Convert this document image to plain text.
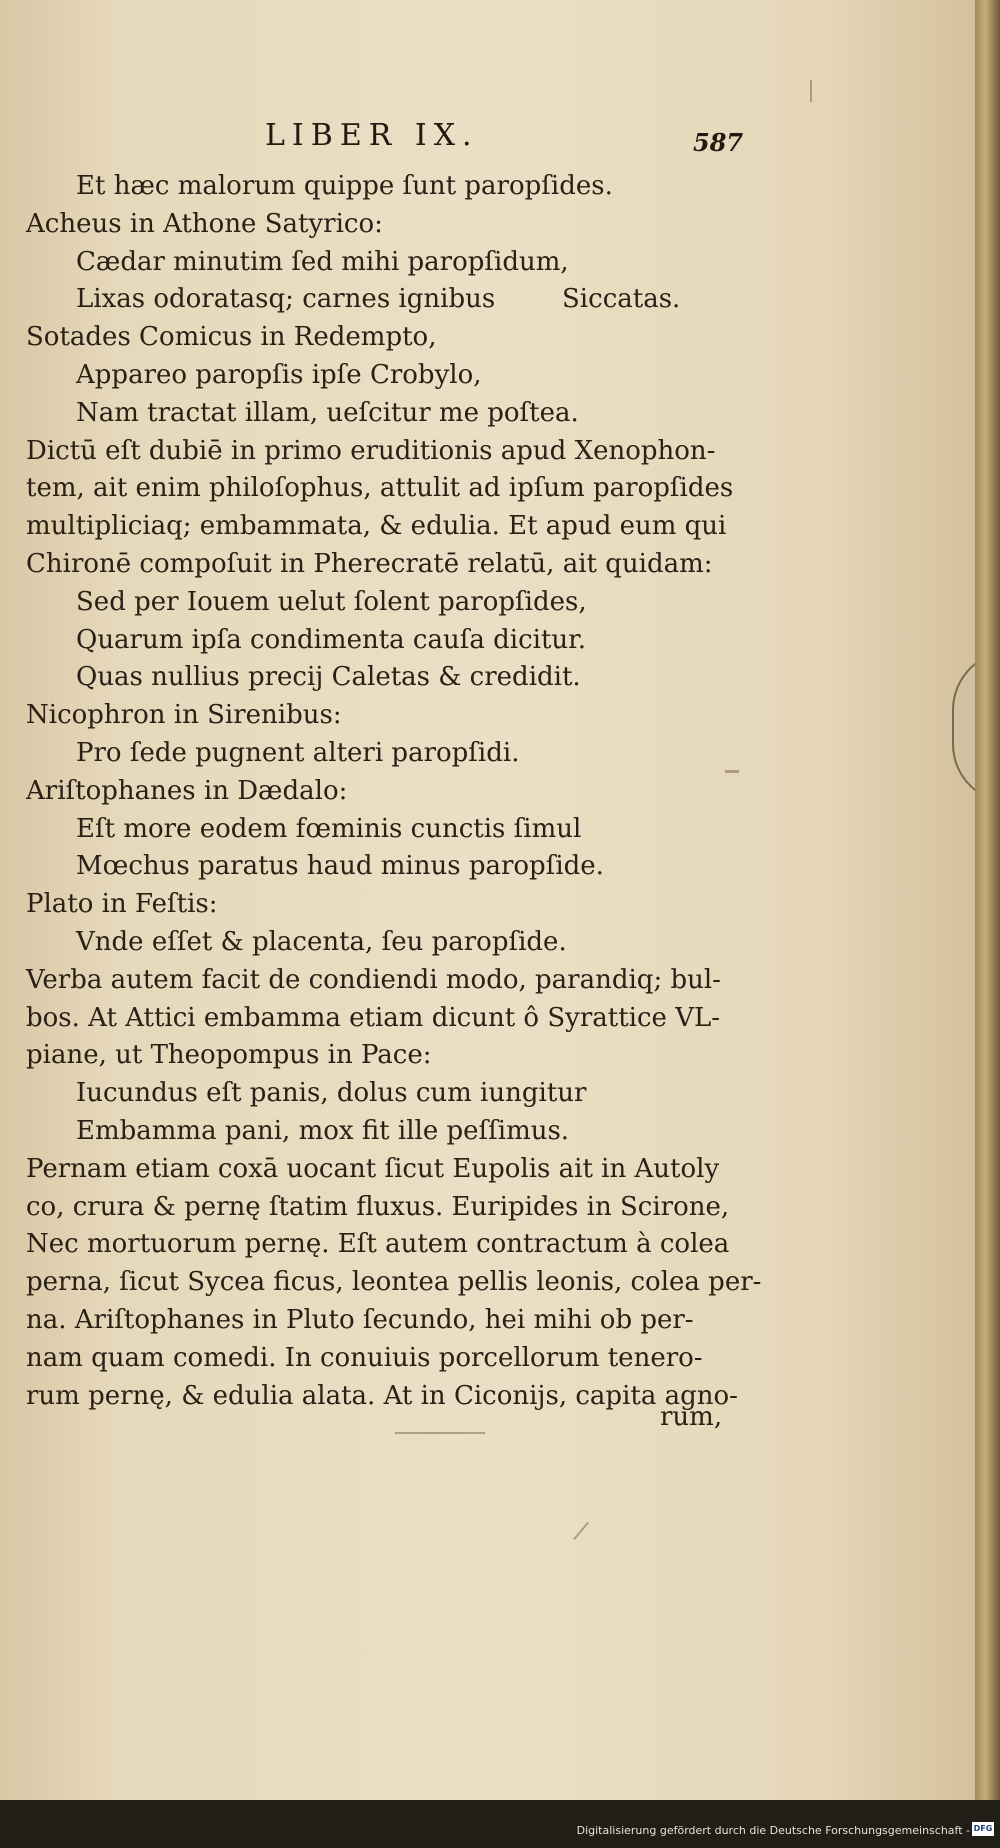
LIBER IX.	587
Et hæc malorum quippe ſunt paropſides.
Acheus in Athone Satyrico:
Cædar minutim ſed mihi paropſidum,
Lixas odoratasq; carnes ignibus	Siccatas.
Sotades Comicus in Redempto,
Appareo paropſis ipſe Crobylo,
Nam tractat illam, ueſcitur me poſtea.
Dictū eſt dubiē in primo eruditionis apud Xenophon-
tem, ait enim philoſophus, attulit ad ipſum paropſides
multipliciaq; embammata, & edulia. Et apud eum qui
Chironē compoſuit in Pherecratē relatū, ait quidam:
Sed per Iouem uelut ſolent paropſides,
Quarum ipſa condimenta cauſa dicitur.
Quas nullius precij Caletas & credidit.
Nicophron in Sirenibus:
Pro ſede pugnent alteri paropſidi.
Ariſtophanes in Dædalo:
Eſt more eodem fœminis cunctis ſimul
Mœchus paratus haud minus paropſide.
Plato in Feſtis:
Vnde eſſet & placenta, ſeu paropſide.
Verba autem facit de condiendi modo, parandiq; bul-
bos. At Attici embamma etiam dicunt ô Syrattice VL-
piane, ut Theopompus in Pace:
Iucundus eſt panis, dolus cum iungitur
Embamma pani, mox fit ille peſſimus.
Pernam etiam coxā uocant ſicut Eupolis ait in Autoly
co, crura & pernę ſtatim fluxus. Euripides in Scirone,
Nec mortuorum pernę. Eſt autem contractum à colea
perna, ſicut Sycea ficus, leontea pellis leonis, colea per-
na. Ariſtophanes in Pluto ſecundo, hei mihi ob per-
nam quam comedi. In conuiuis porcellorum tenero-
rum pernę, & edulia alata. At in Ciconijs, capita agno-
rum,
Digitalisierung gefördert durch die Deutsche Forschungsgemeinschaft - DFG
